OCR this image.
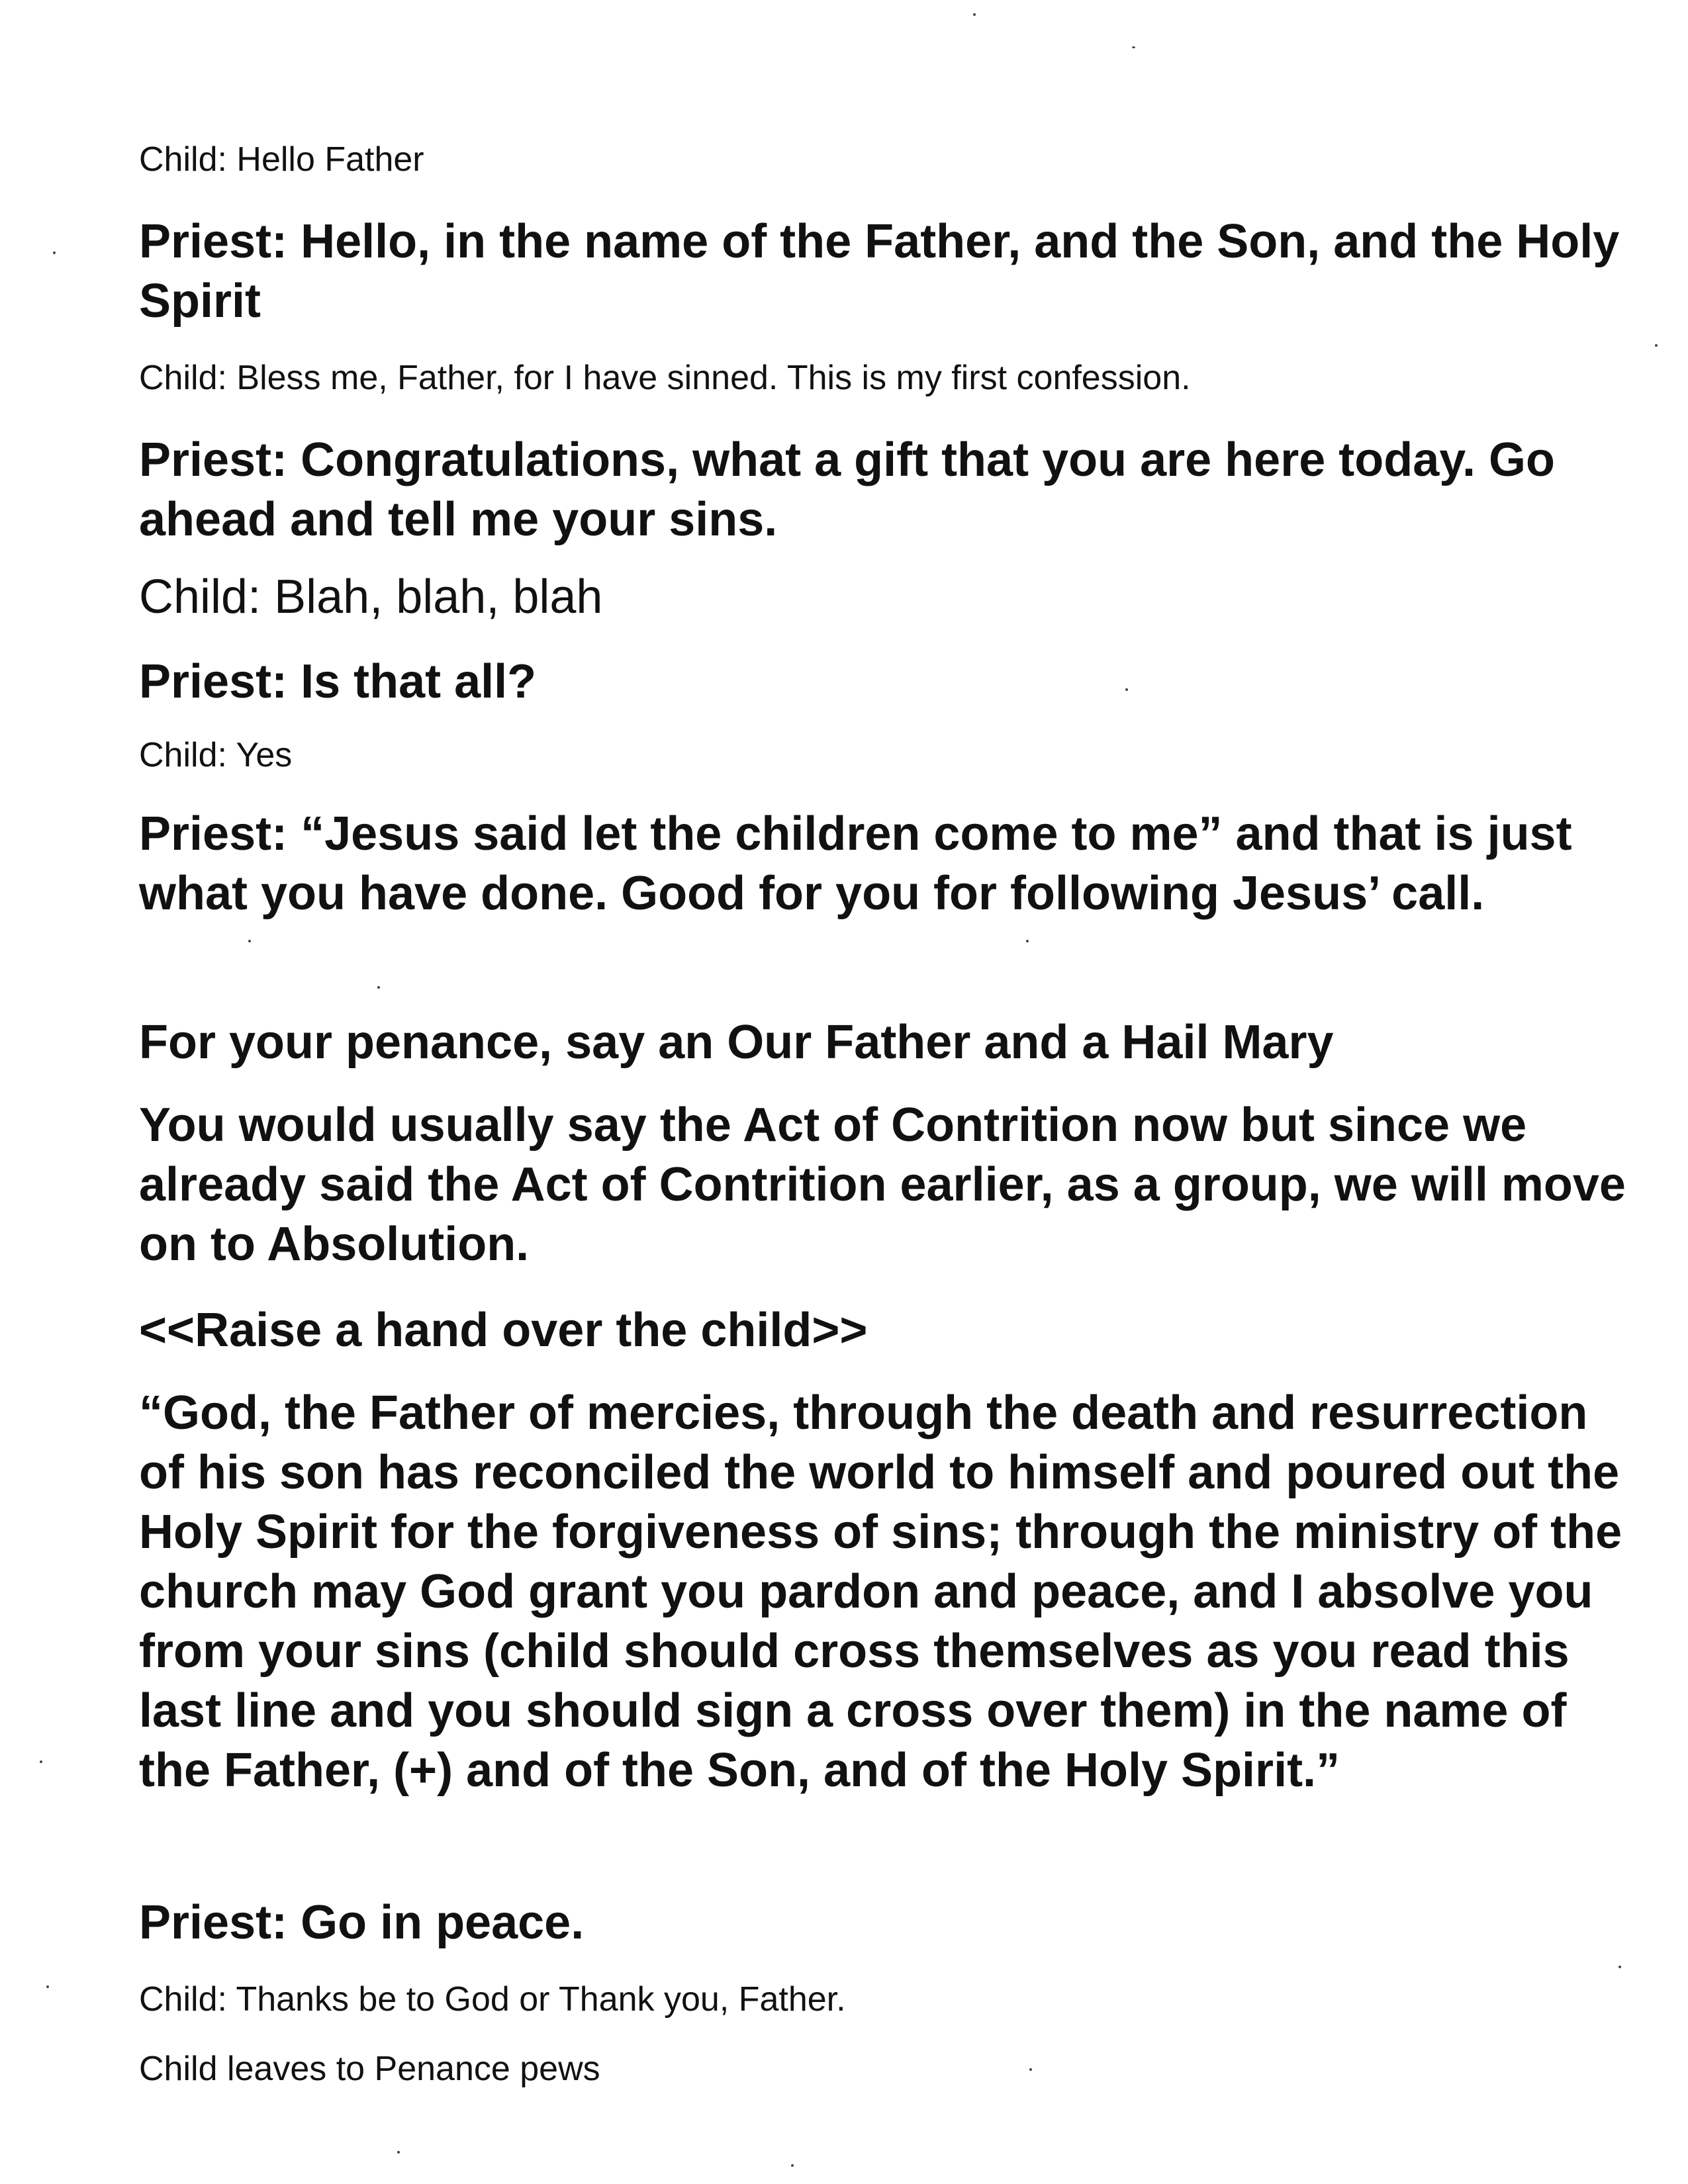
Child: Hello Father

Priest: Hello, in the name of the Father, and the Son, and the Holy Spirit

Child: Bless me, Father, for I have sinned. This is my first confession.

Priest: Congratulations, what a gift that you are here today. Go ahead and tell me your sins.

Child: Blah, blah, blah

Priest: Is that all?

Child: Yes

Priest: “Jesus said let the children come to me” and that is just what you have done. Good for you for following Jesus’ call.

For your penance, say an Our Father and a Hail Mary

You would usually say the Act of Contrition now but since we already said the Act of Contrition earlier, as a group, we will move on to Absolution.

<<Raise a hand over the child>>

“God, the Father of mercies, through the death and resurrection of his son has reconciled the world to himself and poured out the Holy Spirit for the forgiveness of sins; through the ministry of the church may God grant you pardon and peace, and I absolve you from your sins (child should cross themselves as you read this last line and you should sign a cross over them) in the name of the Father, (+) and of the Son, and of the Holy Spirit.”

Priest: Go in peace.

Child: Thanks be to God or Thank you, Father.

Child leaves to Penance pews
